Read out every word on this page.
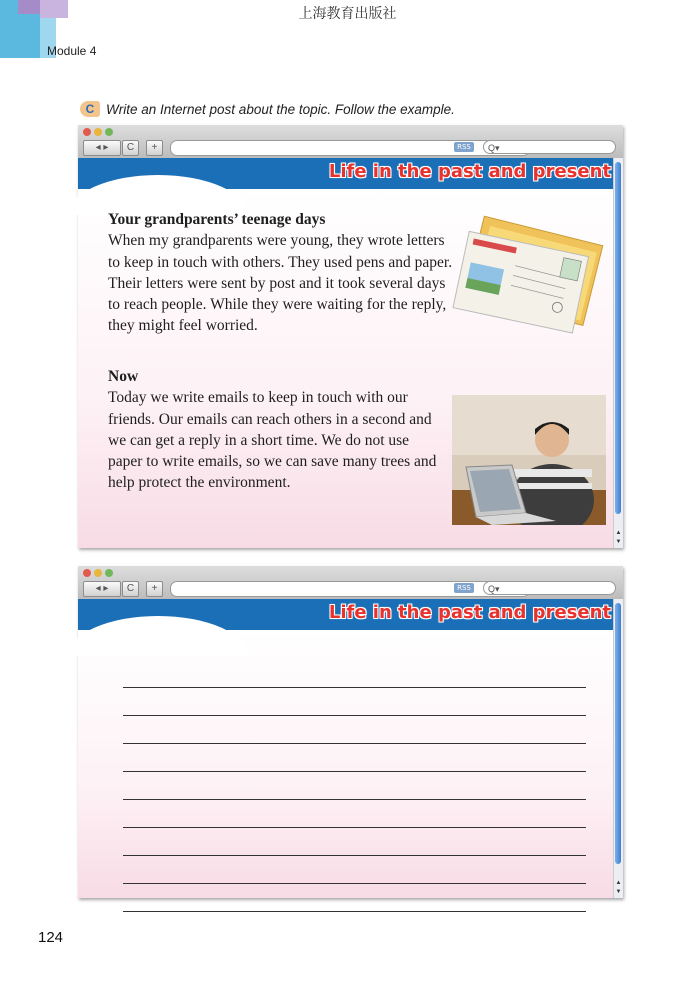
上海教育出版社
Module 4
C Write an Internet post about the topic. Follow the example.
◂ ▸	C	+	RSS	Q▾
Life in the past and present
Your grandparents’ teenage days

When my grandparents were young, they wrote letters to keep in touch with others. They used pens and paper. Their letters were sent by post and it took several days to reach people. While they were waiting for the reply, they might feel worried.

Now

Today we write emails to keep in touch with our friends. Our emails can reach others in a second and we can get a reply in a short time. We do not use paper to write emails, so we can save many trees and help protect the environment.

▲
▼
◂ ▸	C	+	RSS	Q▾
Life in the past and present
▲
▼
124
